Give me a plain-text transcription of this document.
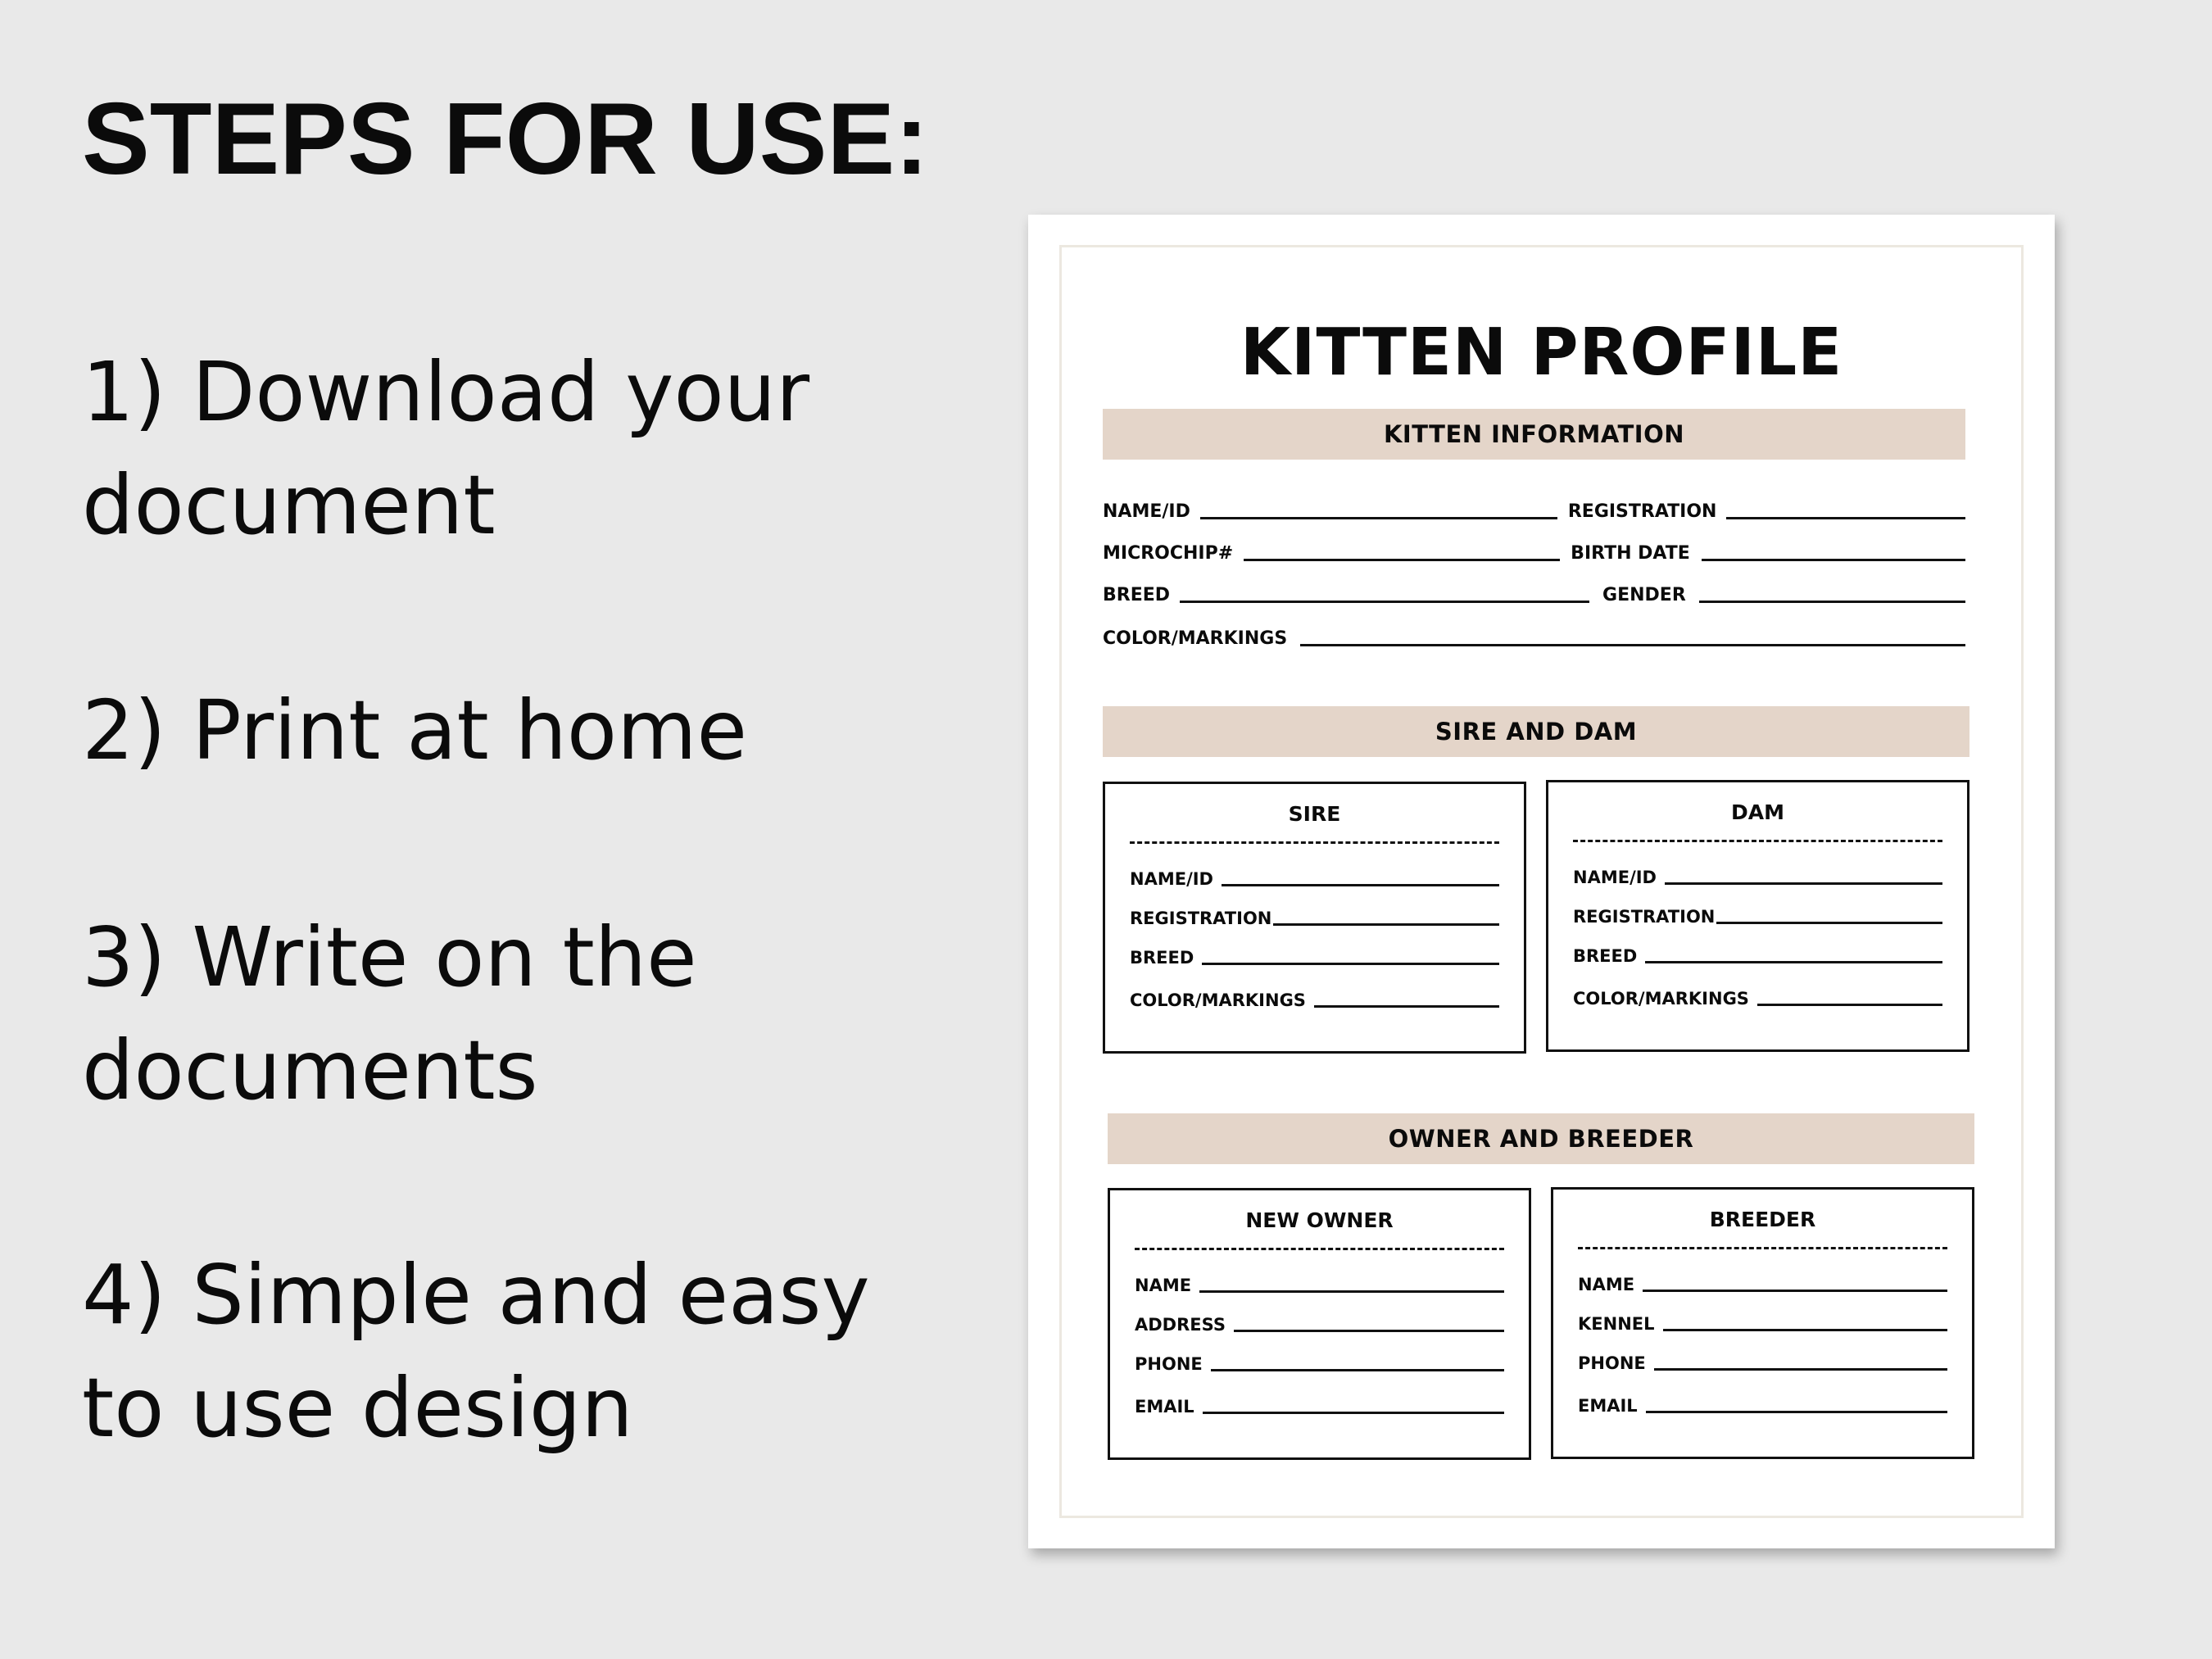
STEPS FOR USE:
1) Download your
document
2) Print at home
3) Write on the
documents
4) Simple and easy
to use design
KITTEN PROFILE
KITTEN INFORMATION
NAME/ID	REGISTRATION
MICROCHIP#	BIRTH DATE
BREED	GENDER
COLOR/MARKINGS
SIRE AND DAM
SIRE
NAME/ID
REGISTRATION
BREED
COLOR/MARKINGS
DAM
NAME/ID
REGISTRATION
BREED
COLOR/MARKINGS
OWNER AND BREEDER
NEW OWNER
NAME
ADDRESS
PHONE
EMAIL
BREEDER
NAME
KENNEL
PHONE
EMAIL
